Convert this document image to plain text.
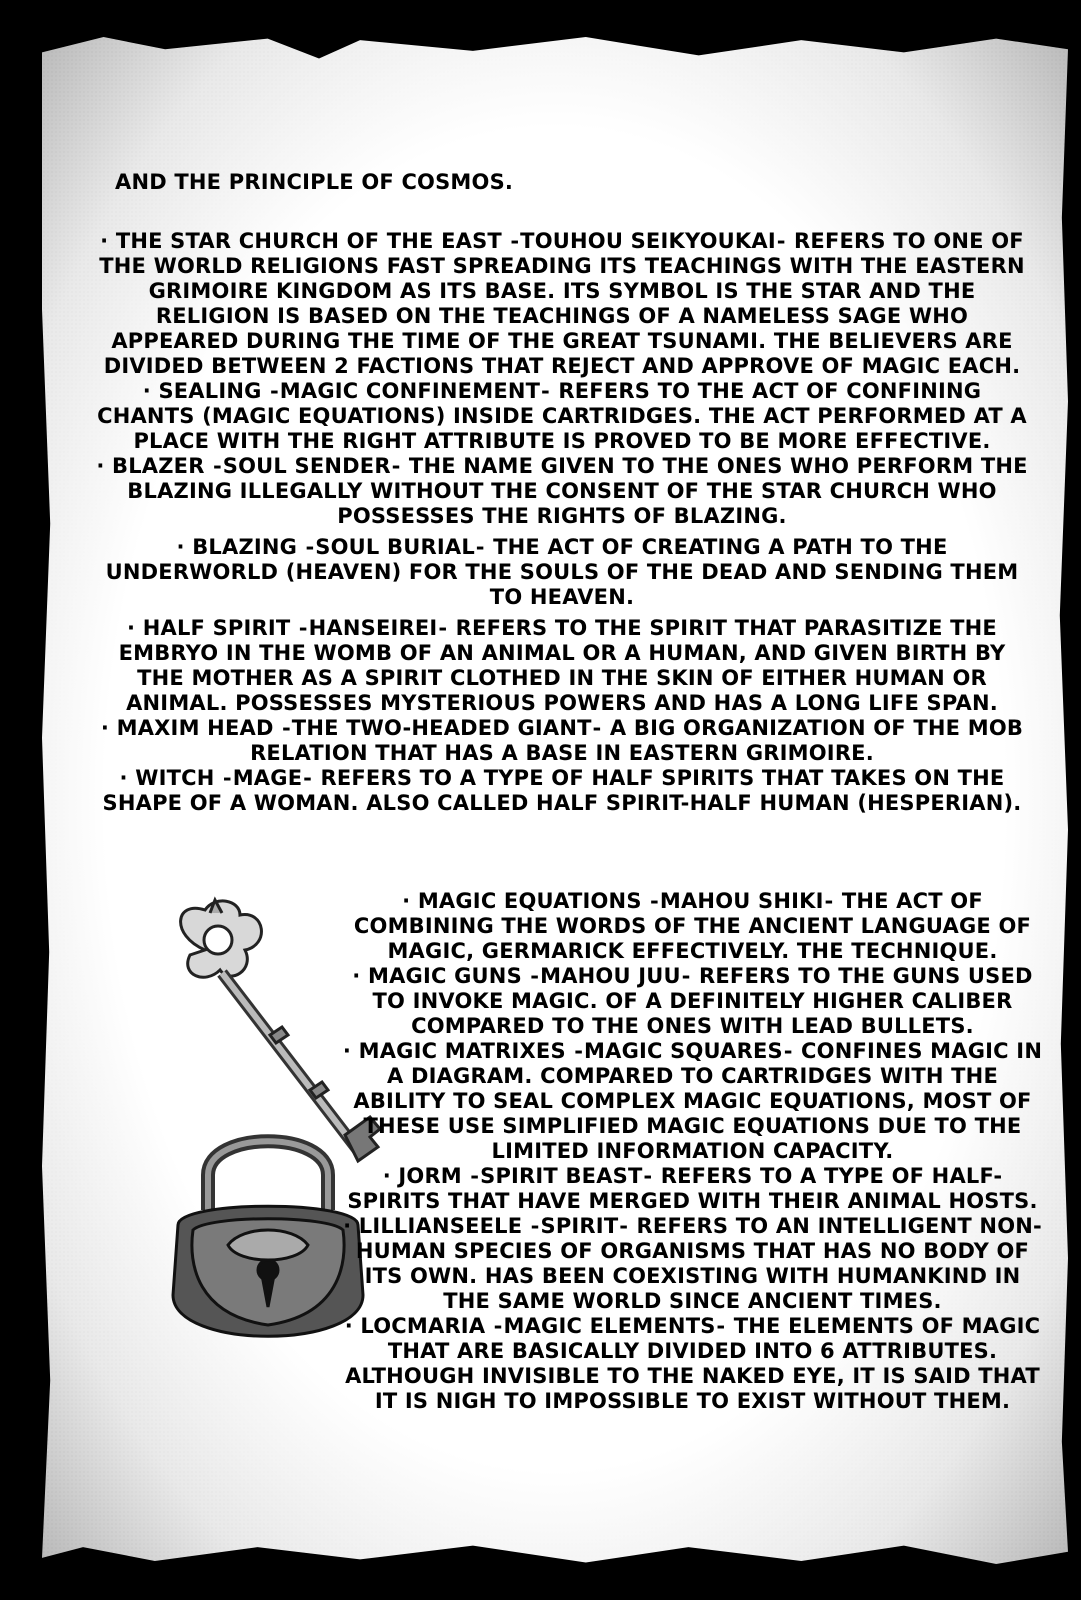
AND THE PRINCIPLE OF COSMOS.

· THE STAR CHURCH OF THE EAST ⁃TOUHOU SEIKYOUKAI⁃ REFERS TO ONE OF THE WORLD RELIGIONS FAST SPREADING ITS TEACHINGS WITH THE EASTERN GRIMOIRE KINGDOM AS ITS BASE. ITS SYMBOL IS THE STAR AND THE RELIGION IS BASED ON THE TEACHINGS OF A NAMELESS SAGE WHO APPEARED DURING THE TIME OF THE GREAT TSUNAMI. THE BELIEVERS ARE DIVIDED BETWEEN 2 FACTIONS THAT REJECT AND APPROVE OF MAGIC EACH.

· SEALING ⁃MAGIC CONFINEMENT⁃ REFERS TO THE ACT OF CONFINING CHANTS (MAGIC EQUATIONS) INSIDE CARTRIDGES. THE ACT PERFORMED AT A PLACE WITH THE RIGHT ATTRIBUTE IS PROVED TO BE MORE EFFECTIVE.

· BLAZER ⁃SOUL SENDER⁃ THE NAME GIVEN TO THE ONES WHO PERFORM THE BLAZING ILLEGALLY WITHOUT THE CONSENT OF THE STAR CHURCH WHO POSSESSES THE RIGHTS OF BLAZING.

· BLAZING ⁃SOUL BURIAL⁃ THE ACT OF CREATING A PATH TO THE UNDERWORLD (HEAVEN) FOR THE SOULS OF THE DEAD AND SENDING THEM TO HEAVEN.

· HALF SPIRIT ⁃HANSEIREI⁃ REFERS TO THE SPIRIT THAT PARASITIZE THE EMBRYO IN THE WOMB OF AN ANIMAL OR A HUMAN, AND GIVEN BIRTH BY THE MOTHER AS A SPIRIT CLOTHED IN THE SKIN OF EITHER HUMAN OR ANIMAL. POSSESSES MYSTERIOUS POWERS AND HAS A LONG LIFE SPAN.

· MAXIM HEAD ⁃THE TWO-HEADED GIANT⁃ A BIG ORGANIZATION OF THE MOB RELATION THAT HAS A BASE IN EASTERN GRIMOIRE.

· WITCH ⁃MAGE⁃ REFERS TO A TYPE OF HALF SPIRITS THAT TAKES ON THE SHAPE OF A WOMAN. ALSO CALLED HALF SPIRIT-HALF HUMAN (HESPERIAN).

· MAGIC EQUATIONS ⁃MAHOU SHIKI⁃ THE ACT OF COMBINING THE WORDS OF THE ANCIENT LANGUAGE OF MAGIC, GERMARICK EFFECTIVELY. THE TECHNIQUE.

· MAGIC GUNS ⁃MAHOU JUU⁃ REFERS TO THE GUNS USED TO INVOKE MAGIC. OF A DEFINITELY HIGHER CALIBER COMPARED TO THE ONES WITH LEAD BULLETS.

· MAGIC MATRIXES ⁃MAGIC SQUARES⁃ CONFINES MAGIC IN A DIAGRAM. COMPARED TO CARTRIDGES WITH THE ABILITY TO SEAL COMPLEX MAGIC EQUATIONS, MOST OF THESE USE SIMPLIFIED MAGIC EQUATIONS DUE TO THE LIMITED INFORMATION CAPACITY.

· JORM ⁃SPIRIT BEAST⁃ REFERS TO A TYPE OF HALF-SPIRITS THAT HAVE MERGED WITH THEIR ANIMAL HOSTS.

· LILLIANSEELE ⁃SPIRIT⁃ REFERS TO AN INTELLIGENT NON-HUMAN SPECIES OF ORGANISMS THAT HAS NO BODY OF ITS OWN. HAS BEEN COEXISTING WITH HUMANKIND IN THE SAME WORLD SINCE ANCIENT TIMES.

· LOCMARIA ⁃MAGIC ELEMENTS⁃ THE ELEMENTS OF MAGIC THAT ARE BASICALLY DIVIDED INTO 6 ATTRIBUTES. ALTHOUGH INVISIBLE TO THE NAKED EYE, IT IS SAID THAT IT IS NIGH TO IMPOSSIBLE TO EXIST WITHOUT THEM.
